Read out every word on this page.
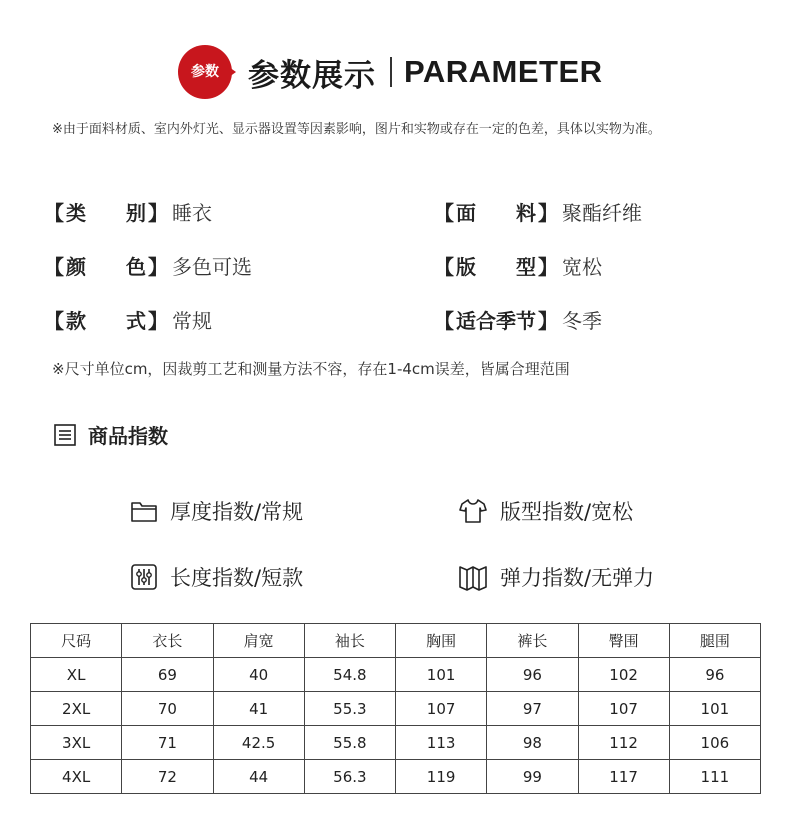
参数 参数展示 PARAMETER
※由于面料材质、室内外灯光、显示器设置等因素影响，图片和实物或存在一定的色差，具体以实物为准。
【 类别 】 睡衣	【 面料 】 聚酯纤维
【 颜色 】 多色可选	【 版型 】 宽松
【 款式 】 常规	【 适合季节 】 冬季
※尺寸单位cm，因裁剪工艺和测量方法不容，存在1-4cm误差，皆属合理范围
商品指数
厚度指数/常规	版型指数/宽松
长度指数/短款	弹力指数/无弹力
尺码	衣长	肩宽	袖长	胸围	裤长	臀围	腿围
XL	69	40	54.8	101	96	102	96
2XL	70	41	55.3	107	97	107	101
3XL	71	42.5	55.8	113	98	112	106
4XL	72	44	56.3	119	99	117	111
